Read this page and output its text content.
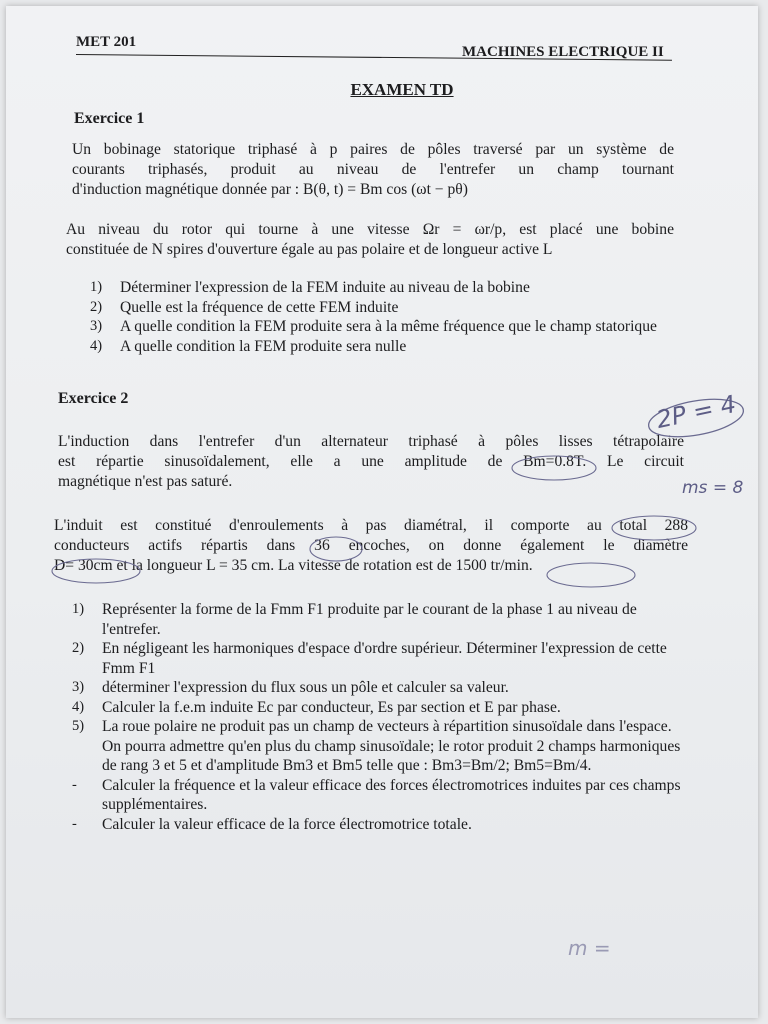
MET 201
MACHINES ELECTRIQUE II
EXAMEN TD
Exercice 1

Un bobinage statorique triphasé à p paires de pôles traversé par un système de
courants triphasés, produit au niveau de l'entrefer un champ tournant
d'induction magnétique donnée par : B(θ, t) = Bm cos (ωt − pθ)

Au niveau du rotor qui tourne à une vitesse Ωr = ωr/p, est placé une bobine
constituée de N spires d'ouverture égale au pas polaire et de longueur active L

1) Déterminer l'expression de la FEM induite au niveau de la bobine
2) Quelle est la fréquence de cette FEM induite
3) A quelle condition la FEM produite sera à la même fréquence que le champ statorique
4) A quelle condition la FEM produite sera nulle
Exercice 2

L'induction dans l'entrefer d'un alternateur triphasé à pôles lisses tétrapolaire
est répartie sinusoïdalement, elle a une amplitude de Bm=0.8T. Le circuit
magnétique n'est pas saturé.

L'induit est constitué d'enroulements à pas diamétral, il comporte au total 288
conducteurs actifs répartis dans 36 encoches, on donne également le diamètre
D= 30cm et la longueur L = 35 cm. La vitesse de rotation est de 1500 tr/min.

1) Représenter la forme de la Fmm F1 produite par le courant de la phase 1 au niveau de l'entrefer.
2) En négligeant les harmoniques d'espace d'ordre supérieur. Déterminer l'expression de cette Fmm F1
3) déterminer l'expression du flux sous un pôle et calculer sa valeur.
4) Calculer la f.e.m induite Ec par conducteur, Es par section et E par phase.
5) La roue polaire ne produit pas un champ de vecteurs à répartition sinusoïdale dans l'espace. On pourra admettre qu'en plus du champ sinusoïdale; le rotor produit 2 champs harmoniques de rang 3 et 5 et d'amplitude Bm3 et Bm5 telle que : Bm3=Bm/2; Bm5=Bm/4.
- Calculer la fréquence et la valeur efficace des forces électromotrices induites par ces champs supplémentaires.
- Calculer la valeur efficace de la force électromotrice totale.
2P = 4
ms = 8
m =
